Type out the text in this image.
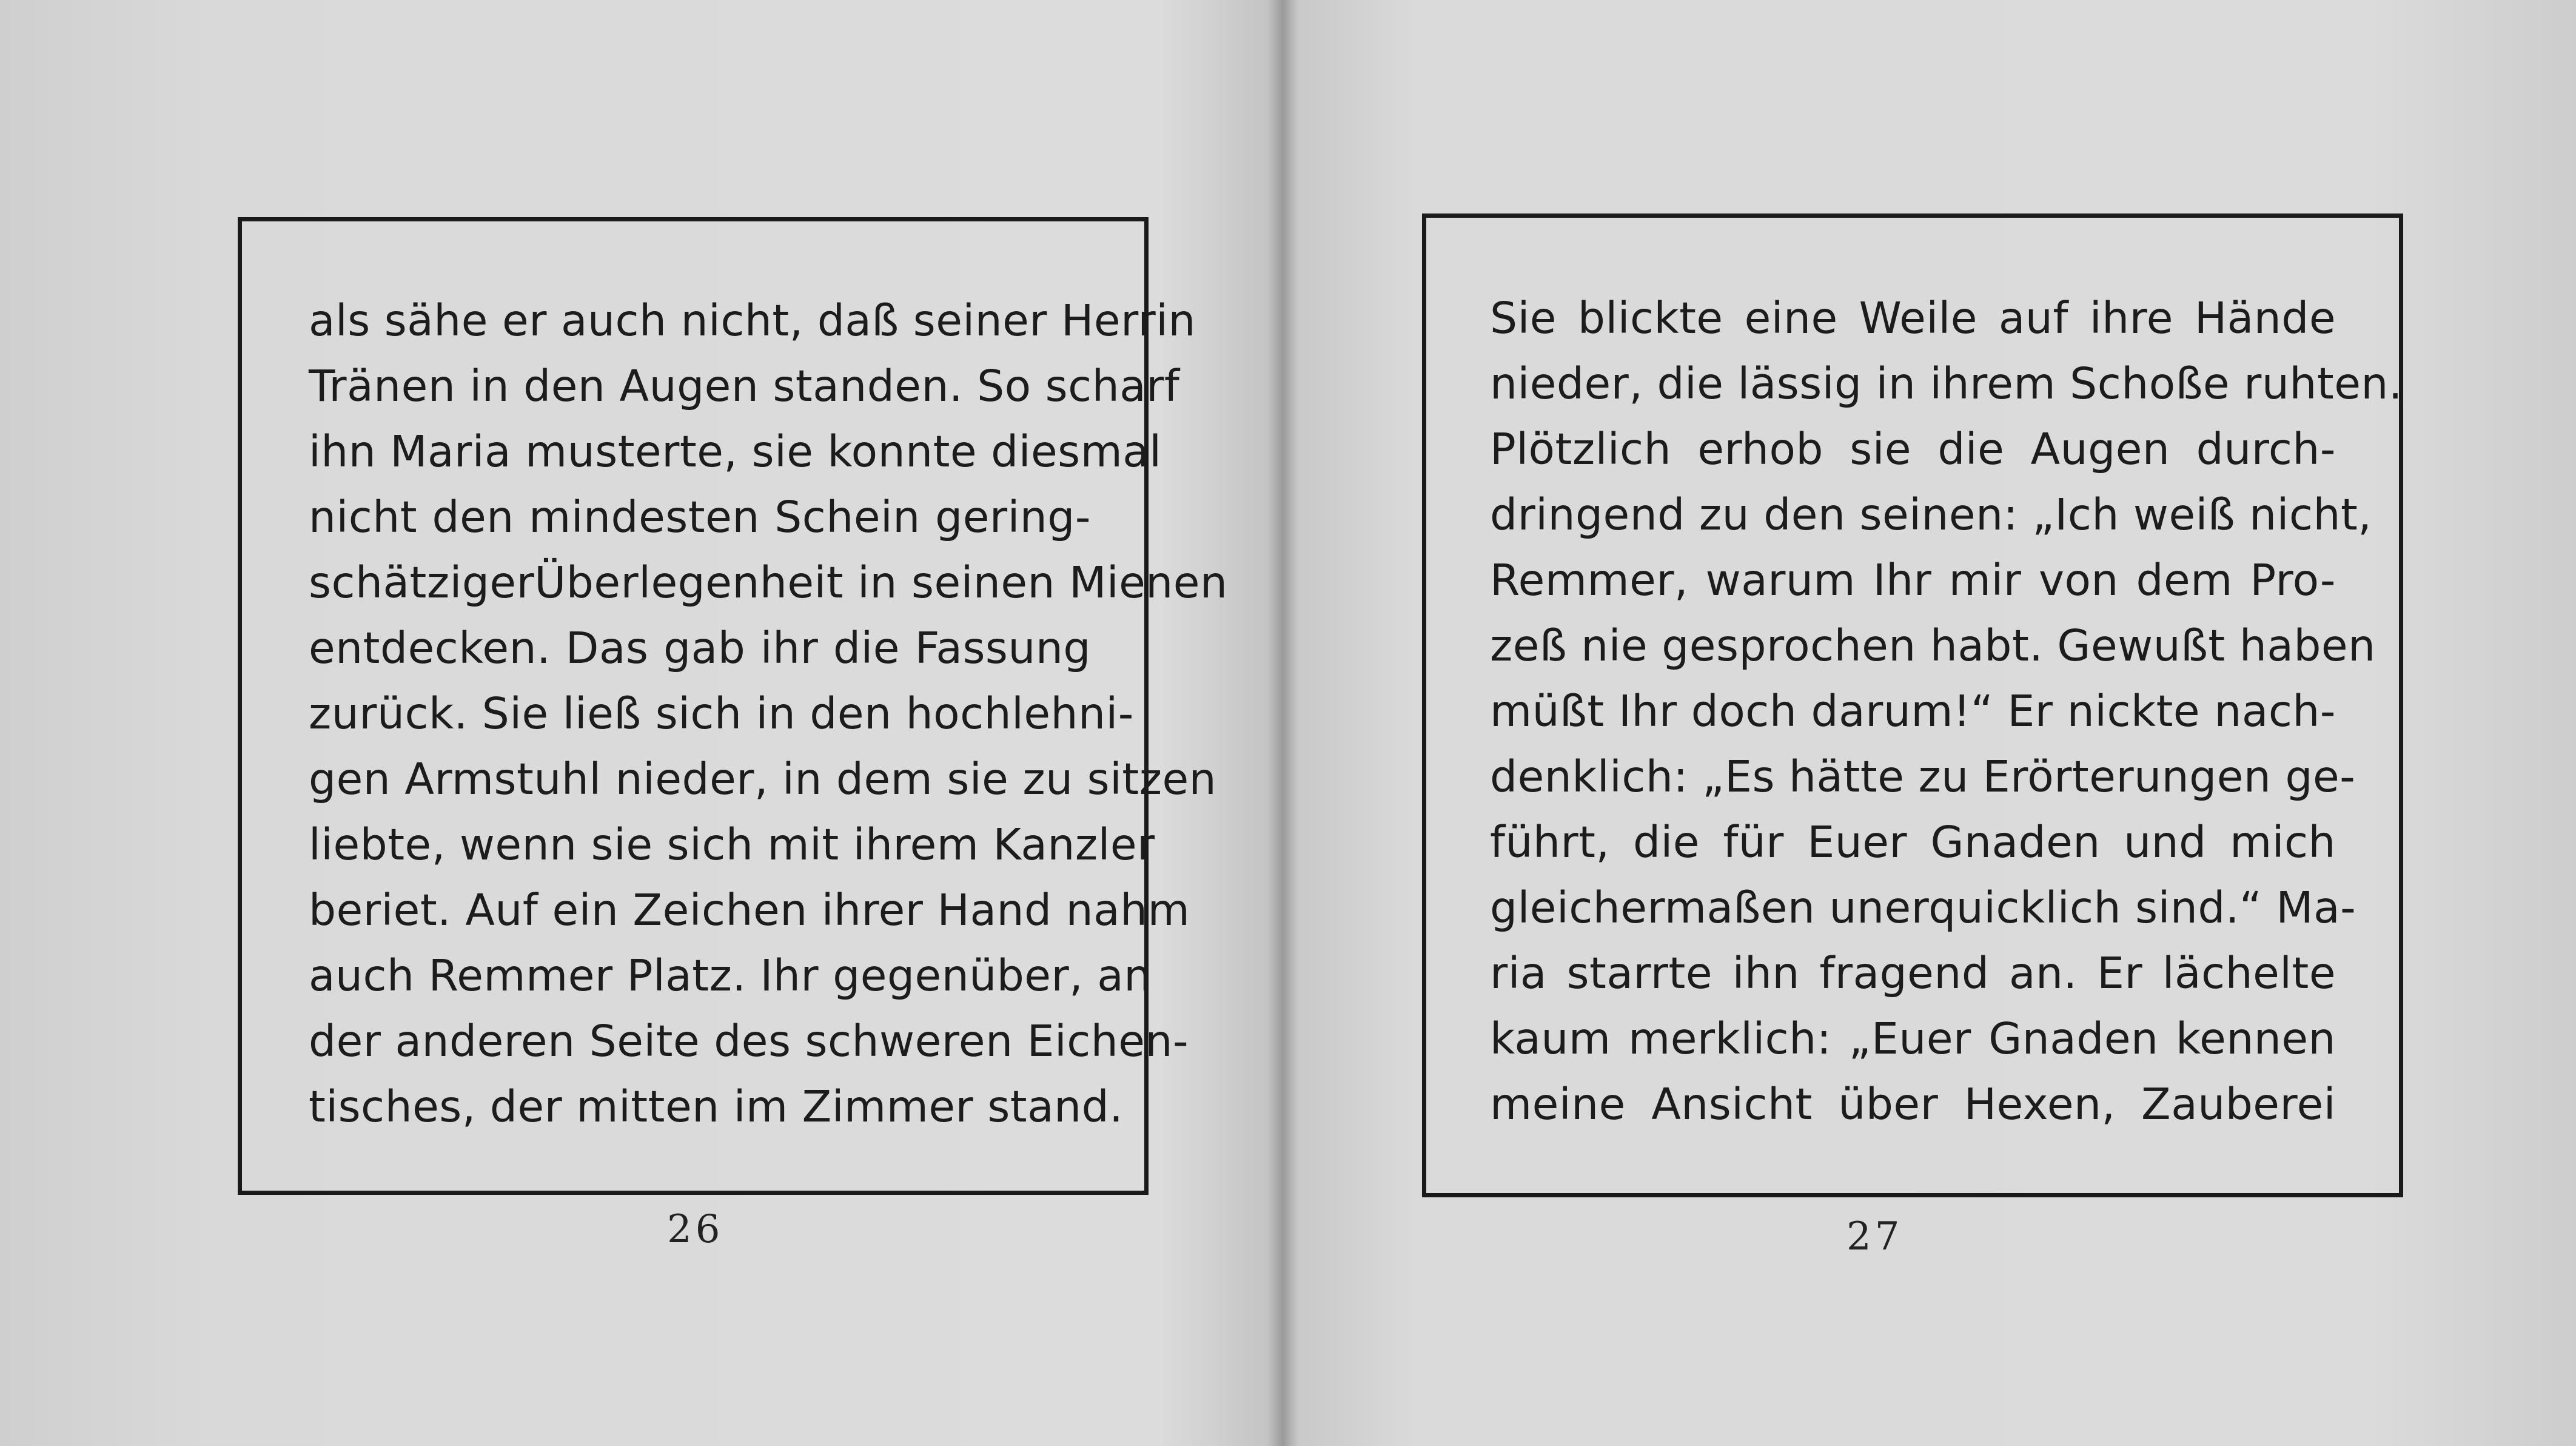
als sähe er auch nicht, daß seiner Herrin
Tränen in den Augen standen. So scharf
ihn Maria musterte, sie konnte diesmal
nicht den mindesten Schein gering-
schätzigerÜberlegenheit in seinen Mienen
entdecken. Das gab ihr die Fassung
zurück. Sie ließ sich in den hochlehni-
gen Armstuhl nieder, in dem sie zu sitzen
liebte, wenn sie sich mit ihrem Kanzler
beriet. Auf ein Zeichen ihrer Hand nahm
auch Remmer Platz. Ihr gegenüber, an
der anderen Seite des schweren Eichen-
tisches, der mitten im Zimmer stand.
26
Sie blickte eine Weile auf ihre Hände
nieder, die lässig in ihrem Schoße ruhten.
Plötzlich erhob sie die Augen durch-
dringend zu den seinen: „Ich weiß nicht,
Remmer, warum Ihr mir von dem Pro-
zeß nie gesprochen habt. Gewußt haben
müßt Ihr doch darum!“ Er nickte nach-
denklich: „Es hätte zu Erörterungen ge-
führt, die für Euer Gnaden und mich
gleichermaßen unerquicklich sind.“ Ma-
ria starrte ihn fragend an. Er lächelte
kaum merklich: „Euer Gnaden kennen
meine Ansicht über Hexen, Zauberei
27
